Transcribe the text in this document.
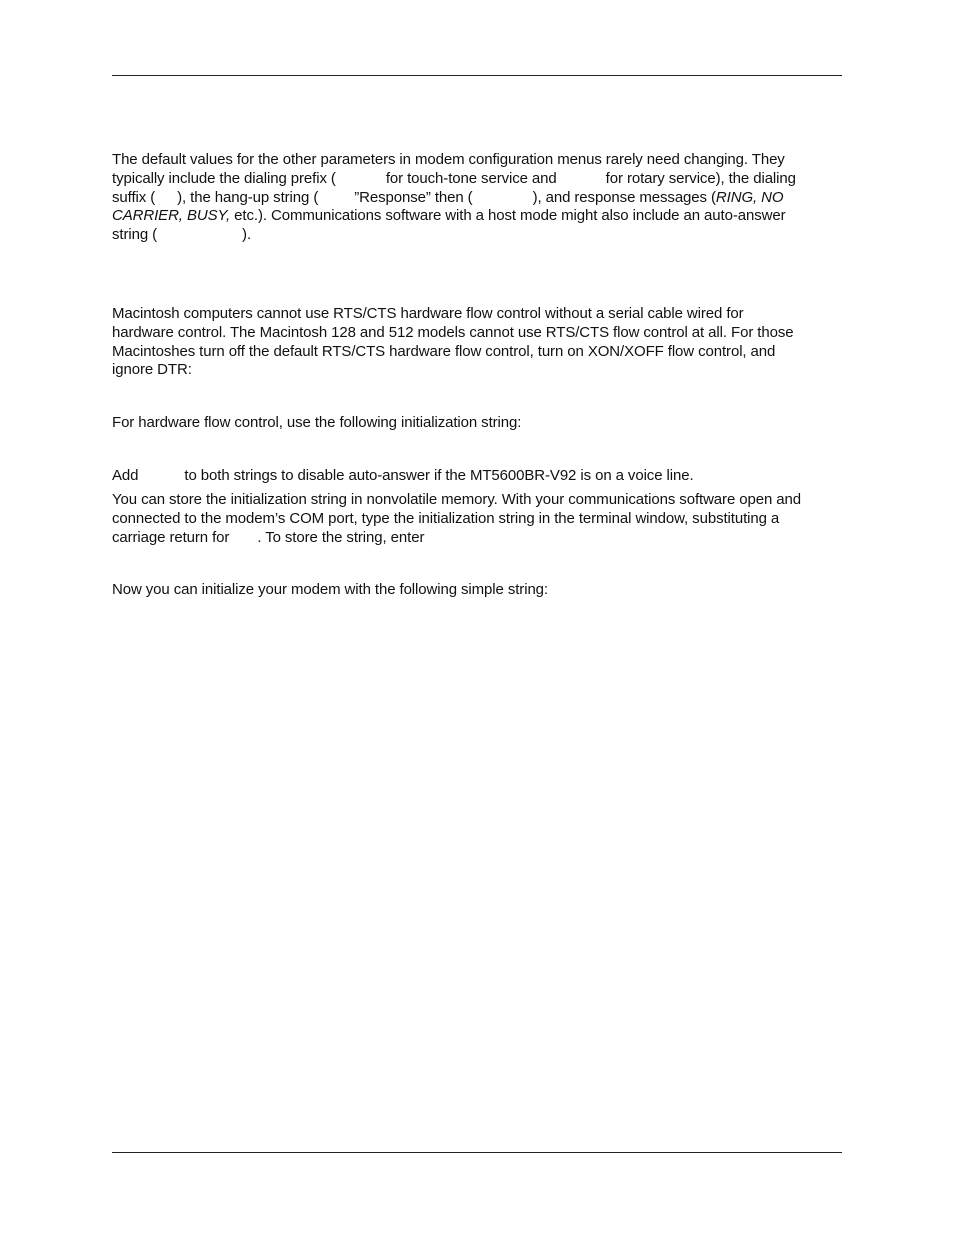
The default values for the other parameters in modem configuration menus rarely need changing. They
typically include the dialing prefix (	for touch-tone service and	for rotary service), the dialing
suffix ( ), the hang-up string ( ”Response” then (	), and response messages (RING, NO
CARRIER, BUSY, etc.). Communications software with a host mode might also include an auto-answer
string (	).

Macintosh computers cannot use RTS/CTS hardware flow control without a serial cable wired for
hardware control. The Macintosh 128 and 512 models cannot use RTS/CTS flow control at all. For those
Macintoshes turn off the default RTS/CTS hardware flow control, turn on XON/XOFF flow control, and
ignore DTR:

For hardware flow control, use the following initialization string:

Add	to both strings to disable auto-answer if the MT5600BR-V92 is on a voice line.

You can store the initialization string in nonvolatile memory. With your communications software open and
connected to the modem’s COM port, type the initialization string in the terminal window, substituting a
carriage return for . To store the string, enter

Now you can initialize your modem with the following simple string:
